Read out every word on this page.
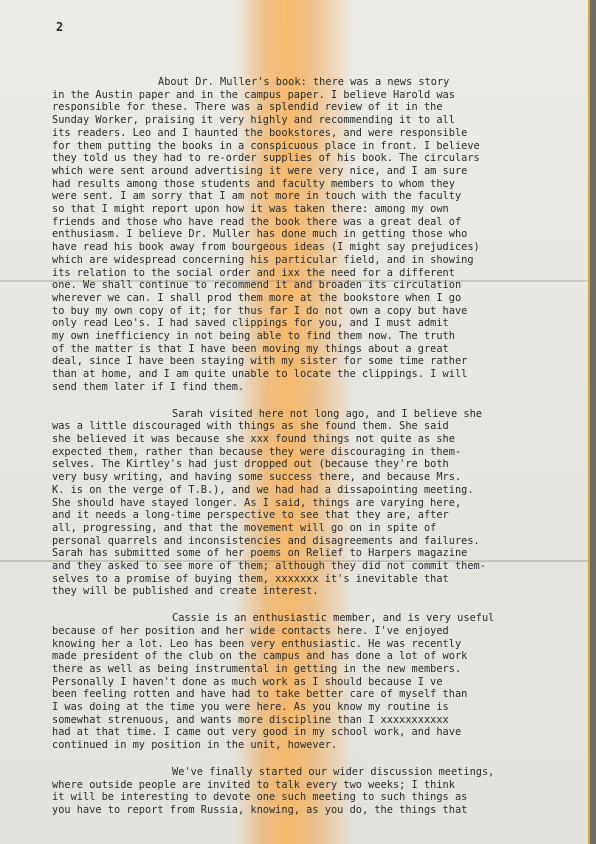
2

About Dr. Muller's book: there was a news story
in the Austin paper and in the campus paper. I believe Harold was
responsible for these. There was a splendid review of it in the
Sunday Worker, praising it very highly and recommending it to all
its readers. Leo and I haunted the bookstores, and were responsible
for them putting the books in a conspicuous place in front. I believe
they told us they had to re-order supplies of his book. The circulars
which were sent around advertising it were very nice, and I am sure
had results among those students and faculty members to whom they
were sent. I am sorry that I am not more in touch with the faculty
so that I might report upon how it was taken there: among my own
friends and those who have read the book there was a great deal of
enthusiasm. I believe Dr. Muller has done much in getting those who
have read his book away from bourgeous ideas (I might say prejudices)
which are widespread concerning his particular field, and in showing
its relation to the social order and ixx the need for a different
one. We shall continue to recommend it and broaden its circulation
wherever we can. I shall prod them more at the bookstore when I go
to buy my own copy of it; for thus far I do not own a copy but have
only read Leo's. I had saved clippings for you, and I must admit
my own inefficiency in not being able to find them now. The truth
of the matter is that I have been moving my things about a great
deal, since I have been staying with my sister for some time rather
than at home, and I am quite unable to locate the clippings. I will
send them later if I find them.

Sarah visited here not long ago, and I believe she
was a little discouraged with things as she found them. She said
she believed it was because she xxx found things not quite as she
expected them, rather than because they were discouraging in them-
selves. The Kirtley's had just dropped out (because they're both
very busy writing, and having some success there, and because Mrs.
K. is on the verge of T.B.), and we had had a dissapointing meeting.
She should have stayed longer. As I said, things are varying here,
and it needs a long-time perspective to see that they are, after
all, progressing, and that the movement will go on in spite of
personal quarrels and inconsistencies and disagreements and failures.
Sarah has submitted some of her poems on Relief to Harpers magazine
and they asked to see more of them; although they did not commit them-
selves to a promise of buying them, xxxxxxx it's inevitable that
they will be published and create interest.

Cassie is an enthusiastic member, and is very useful
because of her position and her wide contacts here. I've enjoyed
knowing her a lot. Leo has been very enthusiastic. He was recently
made president of the club on the campus and has done a lot of work
there as well as being instrumental in getting in the new members.
Personally I haven't done as much work as I should because I ve
been feeling rotten and have had to take better care of myself than
I was doing at the time you were here. As you know my routine is
somewhat strenuous, and wants more discipline than I xxxxxxxxxxx
had at that time. I came out very good in my school work, and have
continued in my position in the unit, however.

We've finally started our wider discussion meetings,
where outside people are invited to talk every two weeks; I think
it will be interesting to devote one such meeting to such things as
you have to report from Russia, knowing, as you do, the things that
